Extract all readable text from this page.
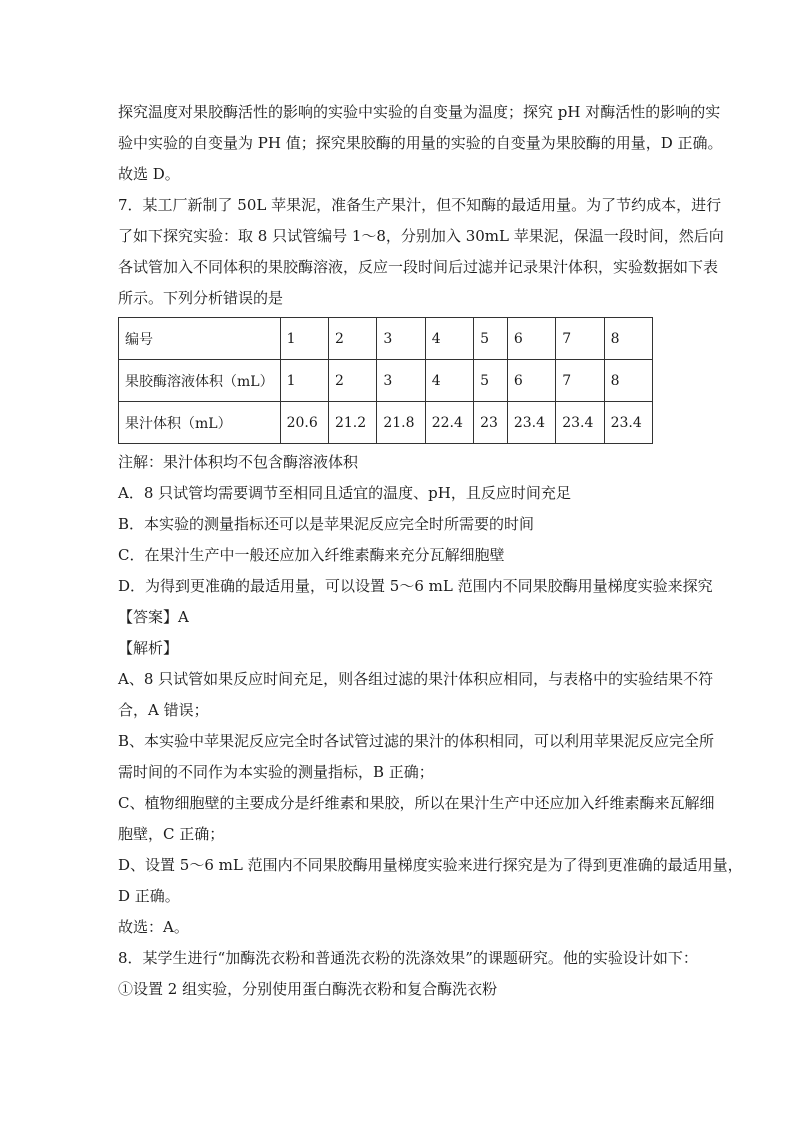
探究温度对果胶酶活性的影响的实验中实验的自变量为温度；探究 pH 对酶活性的影响的实

验中实验的自变量为 PH 值；探究果胶酶的用量的实验的自变量为果胶酶的用量，D 正确。

故选 D。

7．某工厂新制了 50L 苹果泥，准备生产果汁，但不知酶的最适用量。为了节约成本，进行

了如下探究实验：取 8 只试管编号 1～8，分别加入 30mL 苹果泥，保温一段时间，然后向

各试管加入不同体积的果胶酶溶液，反应一段时间后过滤并记录果汁体积，实验数据如下表

所示。下列分析错误的是

编号	1	2	3	4	5	6	7	8
果胶酶溶液体积（mL）	1	2	3	4	5	6	7	8
果汁体积（mL）	20.6	21.2	21.8	22.4	23	23.4	23.4	23.4

注解：果汁体积均不包含酶溶液体积

A．8 只试管均需要调节至相同且适宜的温度、pH，且反应时间充足

B．本实验的测量指标还可以是苹果泥反应完全时所需要的时间

C．在果汁生产中一般还应加入纤维素酶来充分瓦解细胞壁

D．为得到更准确的最适用量，可以设置 5～6 mL 范围内不同果胶酶用量梯度实验来探究

【答案】A

【解析】

A、8 只试管如果反应时间充足，则各组过滤的果汁体积应相同，与表格中的实验结果不符

合，A 错误；

B、本实验中苹果泥反应完全时各试管过滤的果汁的体积相同，可以利用苹果泥反应完全所

需时间的不同作为本实验的测量指标，B 正确；

C、植物细胞壁的主要成分是纤维素和果胶，所以在果汁生产中还应加入纤维素酶来瓦解细

胞壁，C 正确；

D、设置 5～6 mL 范围内不同果胶酶用量梯度实验来进行探究是为了得到更准确的最适用量，

D 正确。

故选：A。

8．某学生进行“加酶洗衣粉和普通洗衣粉的洗涤效果”的课题研究。他的实验设计如下：

①设置 2 组实验，分别使用蛋白酶洗衣粉和复合酶洗衣粉
